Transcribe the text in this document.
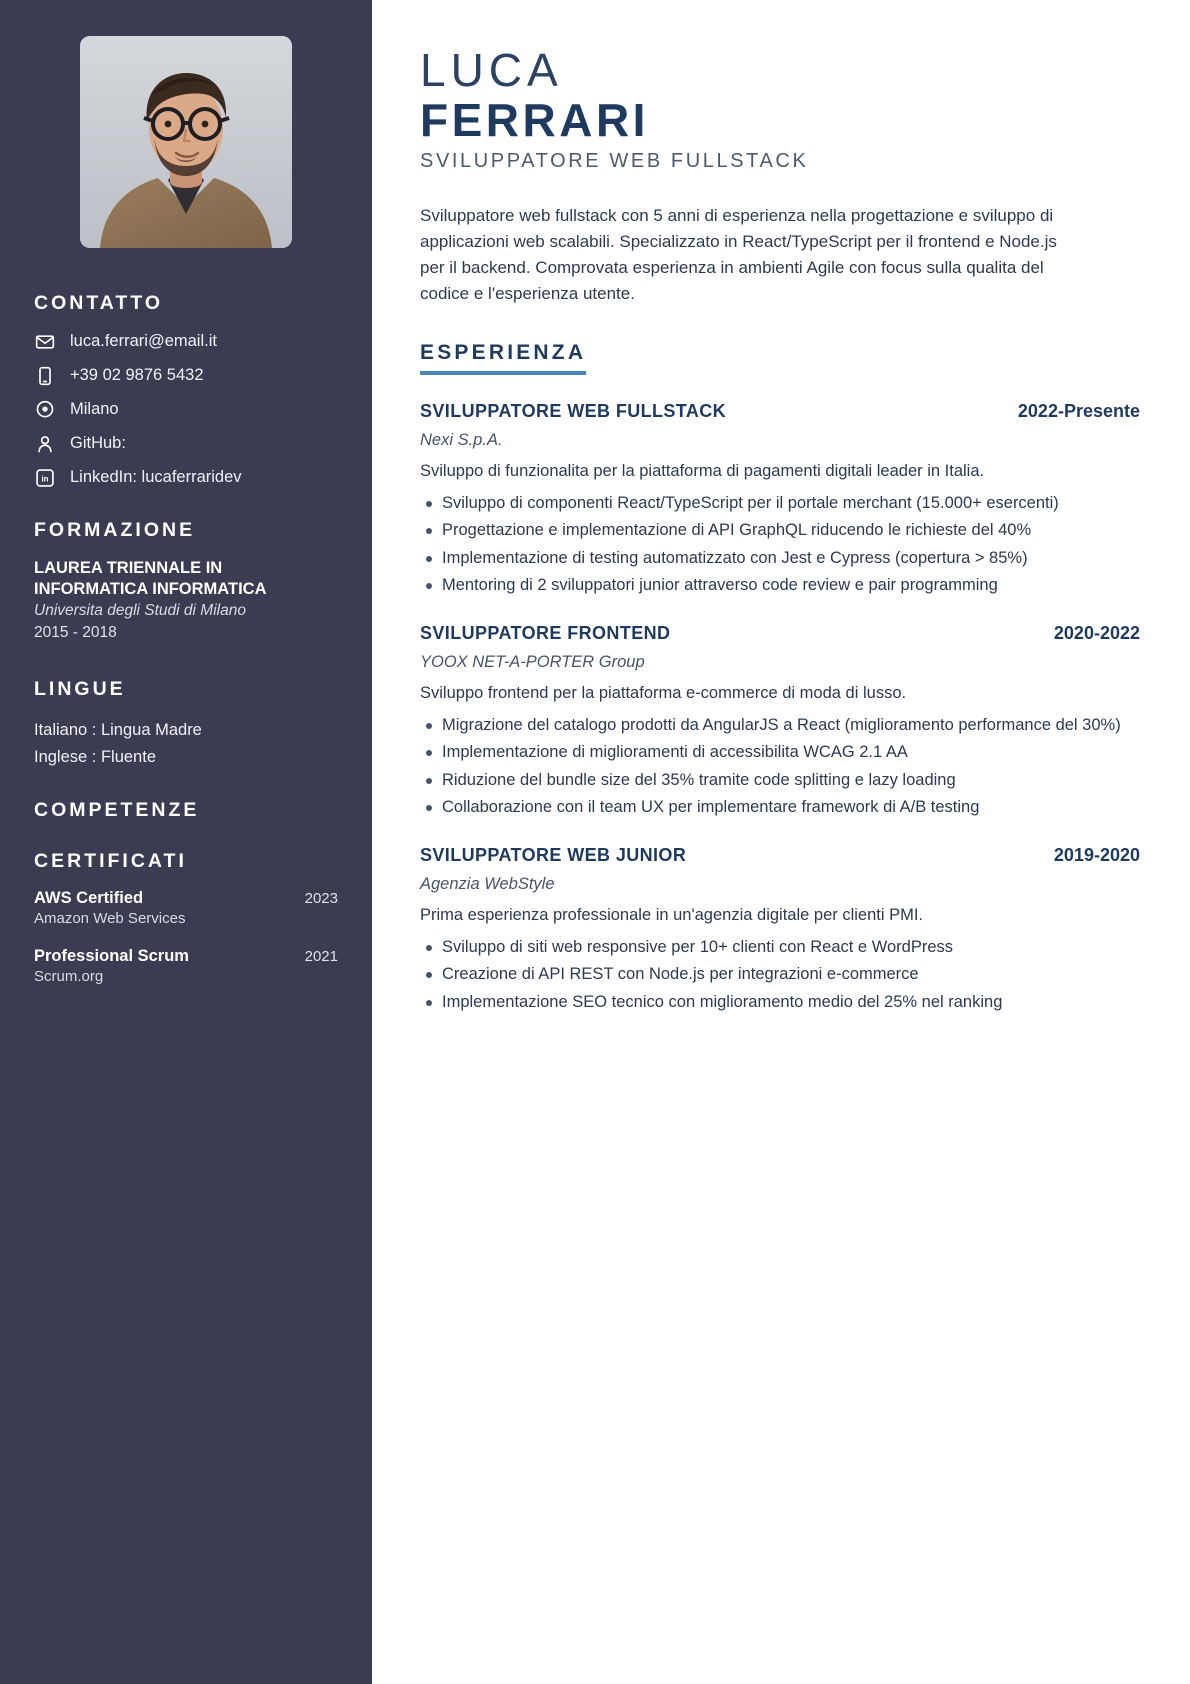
CONTATTO
luca.ferrari@email.it
+39 02 9876 5432
Milano
GitHub:
in LinkedIn: lucaferraridev
FORMAZIONE
LAUREA TRIENNALE IN INFORMATICA INFORMATICA
Universita degli Studi di Milano
2015 - 2018
LINGUE
Italiano : Lingua Madre
Inglese : Fluente
COMPETENZE
CERTIFICATI
AWS Certified	2023
Amazon Web Services
Professional Scrum	2021
Scrum.org
LUCA
FERRARI
SVILUPPATORE WEB FULLSTACK

Sviluppatore web fullstack con 5 anni di esperienza nella progettazione e sviluppo di applicazioni web scalabili. Specializzato in React/TypeScript per il frontend e Node.js per il backend. Comprovata esperienza in ambienti Agile con focus sulla qualita del codice e l'esperienza utente.

ESPERIENZA
SVILUPPATORE WEB FULLSTACK	2022-Presente
Nexi S.p.A.
Sviluppo di funzionalita per la piattaforma di pagamenti digitali leader in Italia.
Sviluppo di componenti React/TypeScript per il portale merchant (15.000+ esercenti)
Progettazione e implementazione di API GraphQL riducendo le richieste del 40%
Implementazione di testing automatizzato con Jest e Cypress (copertura > 85%)
Mentoring di 2 sviluppatori junior attraverso code review e pair programming
SVILUPPATORE FRONTEND	2020-2022
YOOX NET-A-PORTER Group
Sviluppo frontend per la piattaforma e-commerce di moda di lusso.
Migrazione del catalogo prodotti da AngularJS a React (miglioramento performance del 30%)
Implementazione di miglioramenti di accessibilita WCAG 2.1 AA
Riduzione del bundle size del 35% tramite code splitting e lazy loading
Collaborazione con il team UX per implementare framework di A/B testing
SVILUPPATORE WEB JUNIOR	2019-2020
Agenzia WebStyle
Prima esperienza professionale in un'agenzia digitale per clienti PMI.
Sviluppo di siti web responsive per 10+ clienti con React e WordPress
Creazione di API REST con Node.js per integrazioni e-commerce
Implementazione SEO tecnico con miglioramento medio del 25% nel ranking
